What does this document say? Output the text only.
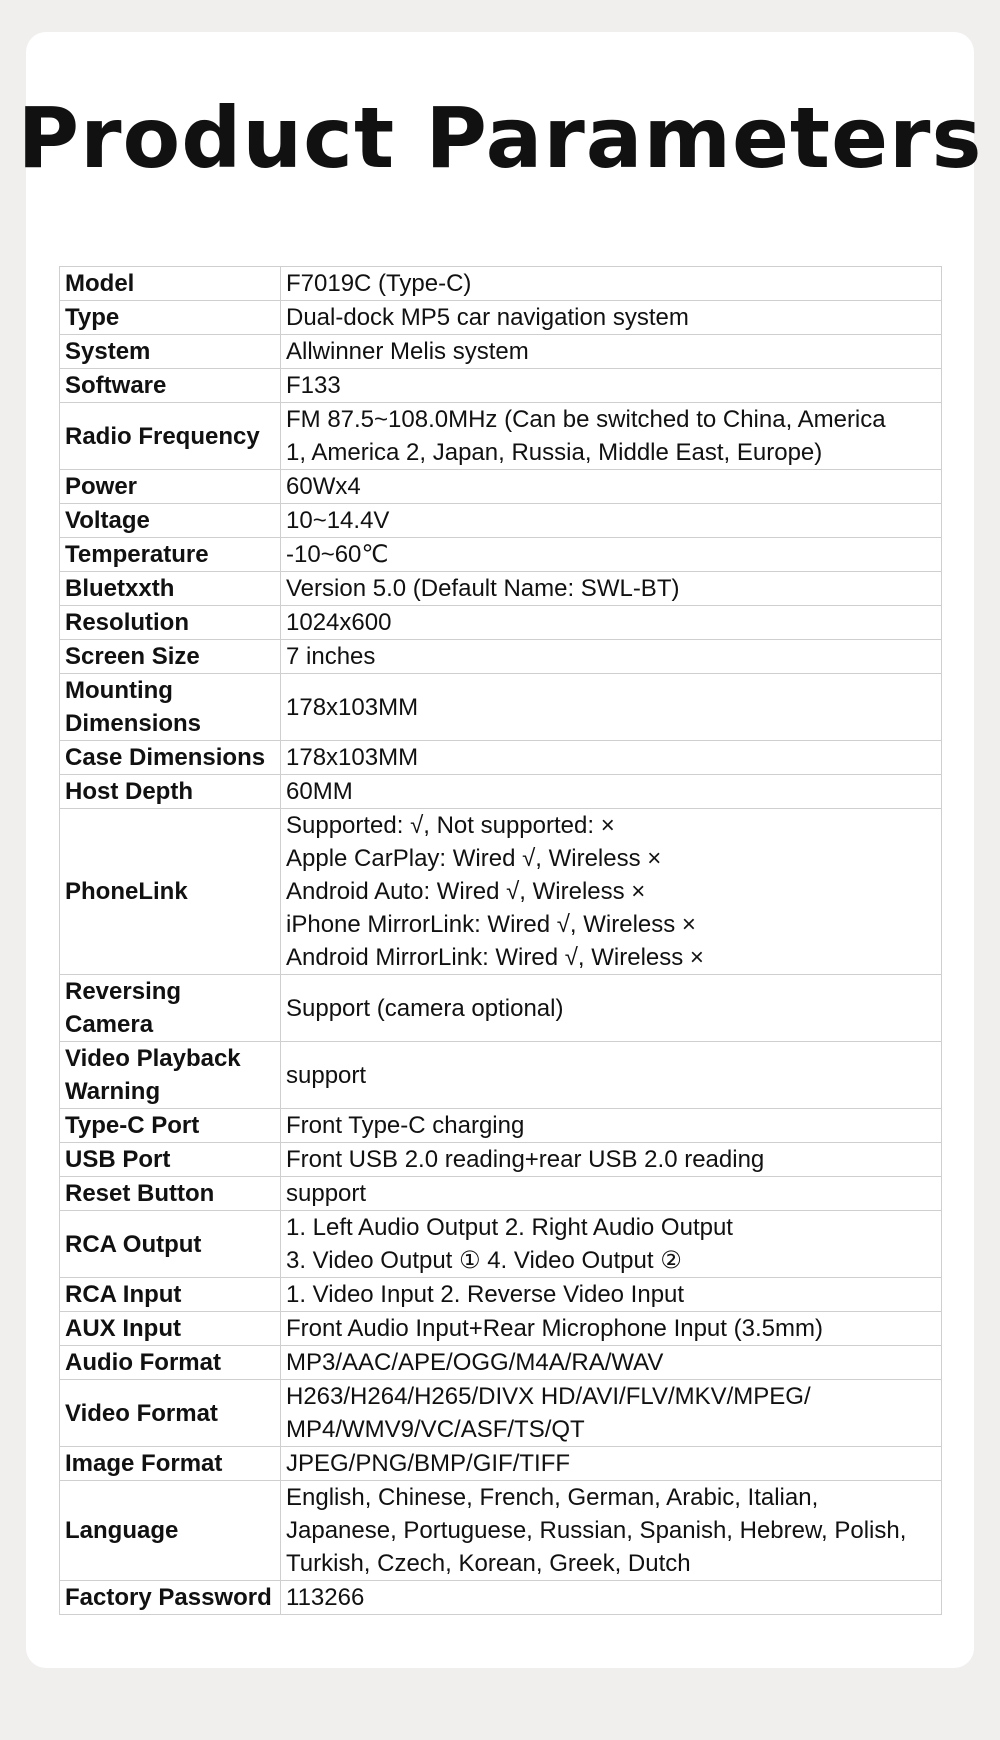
Product Parameters
Model	F7019C (Type-C)

Type	Dual-dock MP5 car navigation system

System	Allwinner Melis system

Software	F133

Radio Frequency	FM 87.5~108.0MHz (Can be switched to China, America
1, America 2, Japan, Russia, Middle East, Europe)

Power	60Wx4

Voltage	10~14.4V

Temperature	-10~60℃

Bluetxxth	Version 5.0 (Default Name: SWL-BT)

Resolution	1024x600

Screen Size	7 inches

Mounting Dimensions	178x103MM

Case Dimensions	178x103MM

Host Depth	60MM

PhoneLink	Supported: √, Not supported: ×
Apple CarPlay: Wired √, Wireless ×
Android Auto: Wired √, Wireless ×
iPhone MirrorLink: Wired √, Wireless ×
Android MirrorLink: Wired √, Wireless ×

Reversing Camera	Support (camera optional)

Video Playback Warning	support

Type-C Port	Front Type-C charging

USB Port	Front USB 2.0 reading+rear USB 2.0 reading

Reset Button	support

RCA Output	1. Left Audio Output 2. Right Audio Output
3. Video Output ① 4. Video Output ②

RCA Input	1. Video Input 2. Reverse Video Input

AUX Input	Front Audio Input+Rear Microphone Input (3.5mm)

Audio Format	MP3/AAC/APE/OGG/M4A/RA/WAV

Video Format	H263/H264/H265/DIVX HD/AVI/FLV/MKV/MPEG/
MP4/WMV9/VC/ASF/TS/QT

Image Format	JPEG/PNG/BMP/GIF/TIFF

Language	English, Chinese, French, German, Arabic, Italian,
Japanese, Portuguese, Russian, Spanish, Hebrew, Polish,
Turkish, Czech, Korean, Greek, Dutch

Factory Password	113266
